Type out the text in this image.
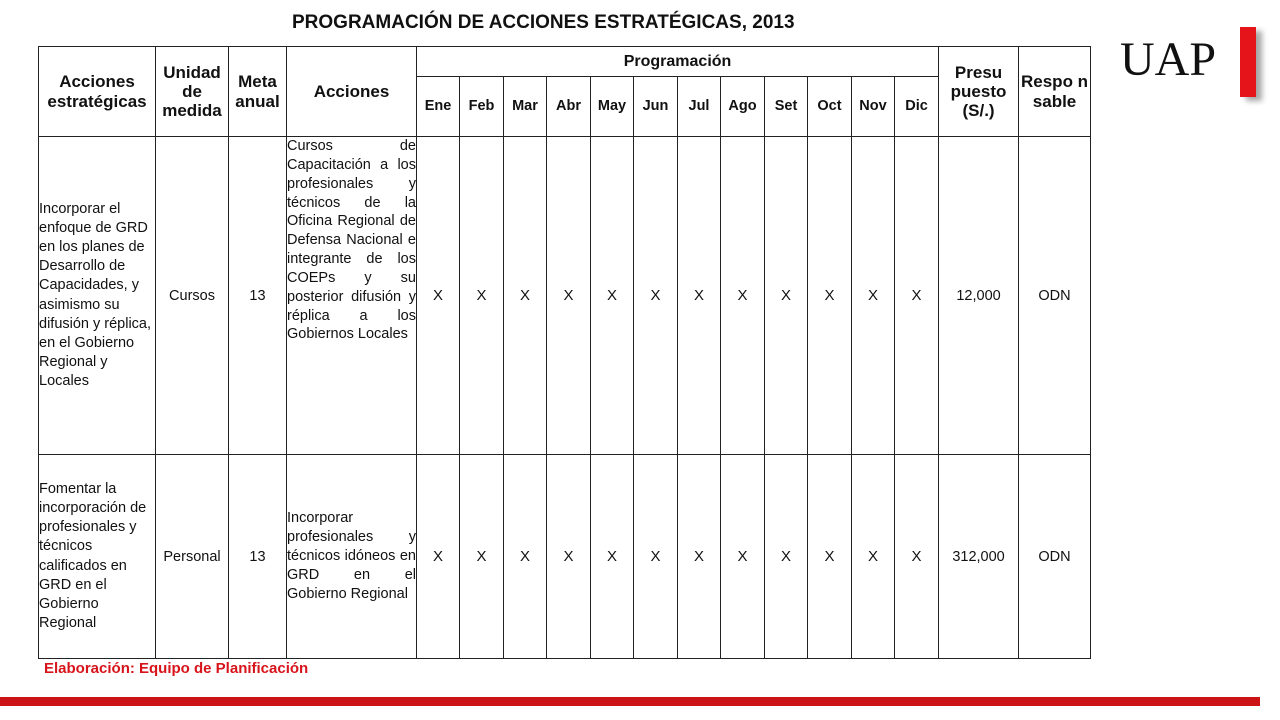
PROGRAMACIÓN DE ACCIONES ESTRATÉGICAS, 2013
UAP
Acciones estratégicas	Unidad de medida	Meta anual	Acciones	Programación												Presu puesto (S/.)	Respo n sable
				Ene	Feb	Mar	Abr	May	Jun	Jul	Ago	Set	Oct	Nov	Dic		
Incorporar el enfoque de GRD en los planes de Desarrollo de Capacidades, y asimismo su difusión y réplica, en el Gobierno Regional y Locales	Cursos	13	Cursos de Capacitación a los profesionales y técnicos de la Oficina Regional de Defensa Nacional e integrante de los COEPs y su posterior difusión y réplica a los Gobiernos Locales	X	X	X	X	X	X	X	X	X	X	X	X	12,000	ODN
Fomentar la incorporación de profesionales y técnicos calificados en GRD en el Gobierno Regional	Personal	13	Incorporar profesionales y técnicos idóneos en GRD en el Gobierno Regional	X	X	X	X	X	X	X	X	X	X	X	X	312,000	ODN
Elaboración: Equipo de Planificación
